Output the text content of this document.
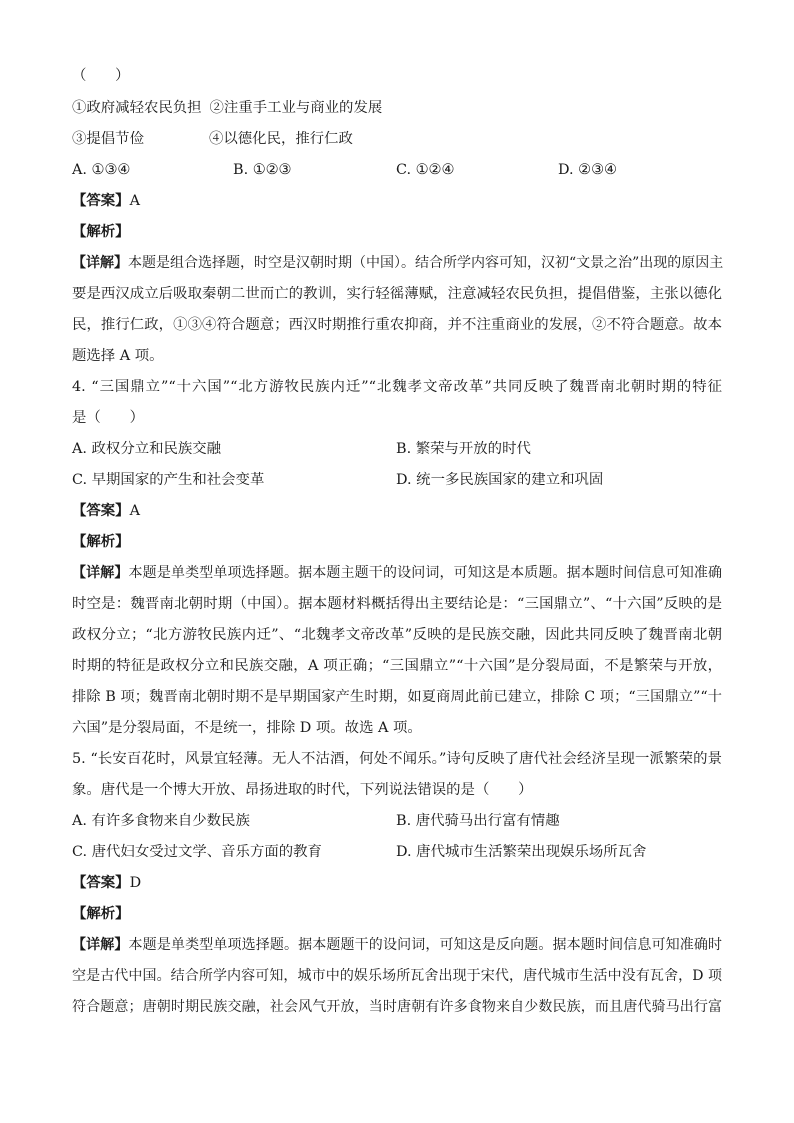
（　　）
①政府减轻农民负担 ②注重手工业与商业的发展
③提倡节俭	④以德化民，推行仁政
A. ①③④	B. ①②③	C. ①②④	D. ②③④
【答案】A
【解析】
【详解】本题是组合选择题，时空是汉朝时期（中国）。结合所学内容可知，汉初“文景之治”出现的原因主
要是西汉成立后吸取秦朝二世而亡的教训，实行轻徭薄赋，注意减轻农民负担，提倡借鉴，主张以德化
民，推行仁政，①③④符合题意；西汉时期推行重农抑商，并不注重商业的发展，②不符合题意。故本
题选择 A 项。
4. “三国鼎立”“十六国”“北方游牧民族内迁”“北魏孝文帝改革”共同反映了魏晋南北朝时期的特征
是（　　）
A. 政权分立和民族交融	B. 繁荣与开放的时代
C. 早期国家的产生和社会变革	D. 统一多民族国家的建立和巩固
【答案】A
【解析】
【详解】本题是单类型单项选择题。据本题主题干的设问词，可知这是本质题。据本题时间信息可知准确
时空是：魏晋南北朝时期（中国）。据本题材料概括得出主要结论是：“三国鼎立”、“十六国”反映的是
政权分立；“北方游牧民族内迁”、“北魏孝文帝改革”反映的是民族交融，因此共同反映了魏晋南北朝
时期的特征是政权分立和民族交融，A 项正确；“三国鼎立”“十六国”是分裂局面，不是繁荣与开放，
排除 B 项；魏晋南北朝时期不是早期国家产生时期，如夏商周此前已建立，排除 C 项；“三国鼎立”“十
六国”是分裂局面，不是统一，排除 D 项。故选 A 项。
5. “长安百花时，风景宜轻薄。无人不沽酒，何处不闻乐。”诗句反映了唐代社会经济呈现一派繁荣的景
象。唐代是一个博大开放、昂扬进取的时代，下列说法错误的是（　　）
A. 有许多食物来自少数民族	B. 唐代骑马出行富有情趣
C. 唐代妇女受过文学、音乐方面的教育	D. 唐代城市生活繁荣出现娱乐场所瓦舍
【答案】D
【解析】
【详解】本题是单类型单项选择题。据本题题干的设问词，可知这是反向题。据本题时间信息可知准确时
空是古代中国。结合所学内容可知，城市中的娱乐场所瓦舍出现于宋代，唐代城市生活中没有瓦舍，D 项
符合题意；唐朝时期民族交融，社会风气开放，当时唐朝有许多食物来自少数民族，而且唐代骑马出行富
